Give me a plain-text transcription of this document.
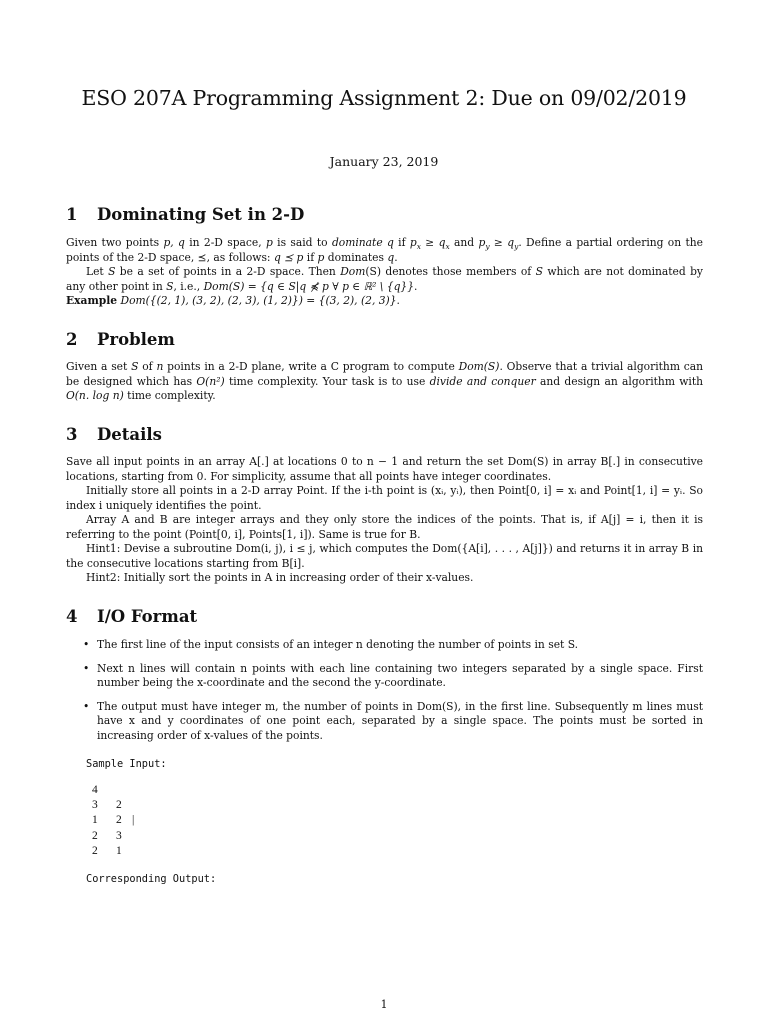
ESO 207A Programming Assignment 2: Due on 09/02/2019
January 23, 2019
1 Dominating Set in 2-D
Given two points p, q in 2-D space, p is said to dominate q if $p_x \ge q_x$ and $p_y \ge q_y$. Define a partial ordering on the points of the 2-D space, ⪯, as follows: q ⪯ p if p dominates q.
Let S be a set of points in a 2-D space. Then Dom(S) denotes those members of S which are not dominated by any other point in S, i.e., Dom(S) = {q ∈ S|q ⋠ p ∀ p ∈ ℝ² \ {q}}.
Example Dom({(2, 1), (3, 2), (2, 3), (1, 2)}) = {(3, 2), (2, 3)}.
2 Problem
Given a set S of n points in a 2-D plane, write a C program to compute Dom(S). Observe that a trivial algorithm can be designed which has O(n²) time complexity. Your task is to use divide and conquer and design an algorithm with O(n. log n) time complexity.
3 Details
Save all input points in an array A[.] at locations 0 to n − 1 and return the set Dom(S) in array B[.] in consecutive locations, starting from 0. For simplicity, assume that all points have integer coordinates.
Initially store all points in a 2-D array Point. If the i-th point is (xᵢ, yᵢ), then Point[0, i] = xᵢ and Point[1, i] = yᵢ. So index i uniquely identifies the point.
Array A and B are integer arrays and they only store the indices of the points. That is, if A[j] = i, then it is referring to the point (Point[0, i], Points[1, i]). Same is true for B.
Hint1: Devise a subroutine Dom(i, j), i ≤ j, which computes the Dom({A[i], . . . , A[j]}) and returns it in array B in the consecutive locations starting from B[i].
Hint2: Initially sort the points in A in increasing order of their x-values.
4 I/O Format
• The first line of the input consists of an integer n denoting the number of points in set S.
• Next n lines will contain n points with each line containing two integers separated by a single space. First number being the x-coordinate and the second the y-coordinate.
• The output must have integer m, the number of points in Dom(S), in the first line. Subsequently m lines must have x and y coordinates of one point each, separated by a single space. The points must be sorted in increasing order of x-values of the points.
Sample Input:
4
3 2
1 2 |
2 3
2 1
Corresponding Output:
1
